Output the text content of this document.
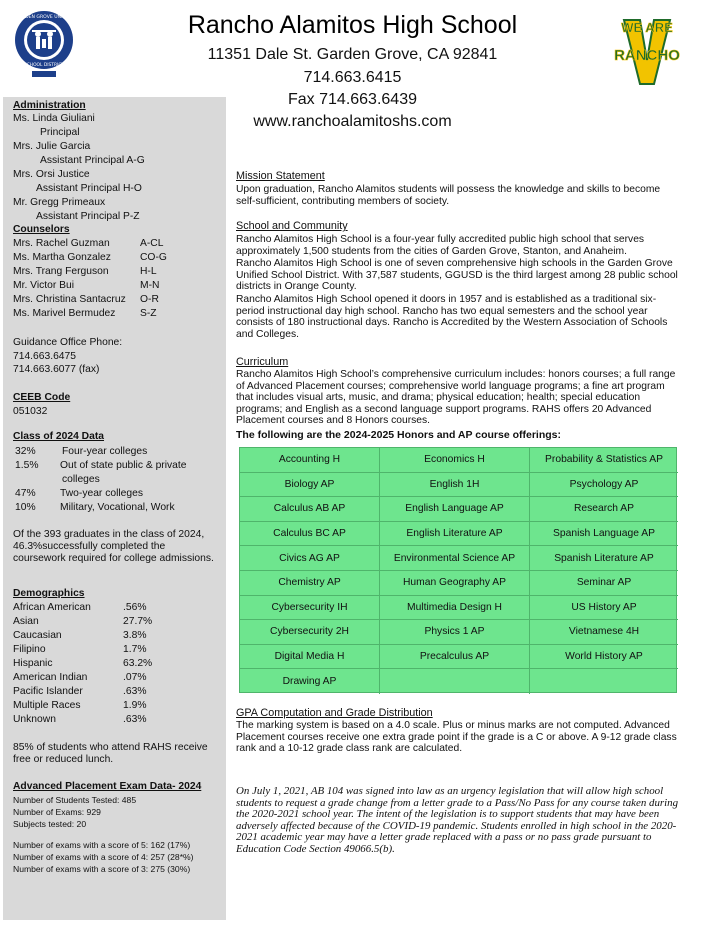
GARDEN GROVE UNIFIED
SCHOOL DISTRICT
Rancho Alamitos High School
11351 Dale St. Garden Grove, CA 92841
714.663.6415
Fax 714.663.6439
www.ranchoalamitoshs.com
WE ARE
RANCHO
Administration
Ms. Linda Giuliani
Principal
Mrs. Julie Garcia
Assistant Principal A-G
Mrs. Orsi Justice
Assistant Principal H-O
Mr. Gregg Primeaux
Assistant Principal P-Z
Counselors
Mrs. Rachel Guzman	A-CL
Ms. Martha Gonzalez	CO-G
Mrs. Trang Ferguson	H-L
Mr. Victor Bui	M-N
Mrs. Christina Santacruz O-R
Ms. Marivel Bermudez S-Z
Guidance Office Phone:
714.663.6475
714.663.6077 (fax)
CEEB Code
051032
Class of 2024 Data
32%	Four-year colleges
1.5% Out of state public & private
colleges
47% Two-year colleges
10% Military, Vocational, Work
Of the 393 graduates in the class of 2024, 46.3%successfully completed the coursework required for college admissions.
Demographics
African American	.56%
Asian	27.7%
Caucasian	3.8%
Filipino	1.7%
Hispanic	63.2%
American Indian	.07%
Pacific Islander	.63%
Multiple Races	1.9%
Unknown	.63%
85% of students who attend RAHS receive free or reduced lunch.
Advanced Placement Exam Data- 2024
Number of Students Tested: 485
Number of Exams: 929
Subjects tested: 20
Number of exams with a score of 5: 162 (17%)
Number of exams with a score of 4: 257 (28*%)
Number of exams with a score of 3: 275 (30%)
Mission Statement
Upon graduation, Rancho Alamitos students will possess the knowledge and skills to become self-sufficient, contributing members of society.
School and Community
Rancho Alamitos High School is a four-year fully accredited public high school that serves approximately 1,500 students from the cities of Garden Grove, Stanton, and Anaheim.
Rancho Alamitos High School is one of seven comprehensive high schools in the Garden Grove Unified School District. With 37,587 students, GGUSD is the third largest among 28 public school districts in Orange County.
Rancho Alamitos High School opened it doors in 1957 and is established as a traditional six-period instructional day high school. Rancho has two equal semesters and the school year consists of 180 instructional days. Rancho is Accredited by the Western Association of Schools and Colleges.
Curriculum
Rancho Alamitos High School’s comprehensive curriculum includes: honors courses; a full range of Advanced Placement courses; comprehensive world language programs; a fine art program that includes visual arts, music, and drama; physical education; health; special education programs; and English as a second language support programs. RAHS offers 20 Advanced Placement courses and 8 Honors courses.
The following are the 2024-2025 Honors and AP course offerings:
Accounting H	Economics H	Probability & Statistics AP
Biology AP	English 1H	Psychology AP
Calculus AB AP	English Language AP	Research AP
Calculus BC AP	English Literature AP	Spanish Language AP
Civics AG AP	Environmental Science AP	Spanish Literature AP
Chemistry AP	Human Geography AP	Seminar AP
Cybersecurity IH	Multimedia Design H	US History AP
Cybersecurity 2H	Physics 1 AP	Vietnamese 4H
Digital Media H	Precalculus AP	World History AP
Drawing AP
GPA Computation and Grade Distribution
The marking system is based on a 4.0 scale. Plus or minus marks are not computed. Advanced Placement courses receive one extra grade point if the grade is a C or above. A 9-12 grade class rank and a 10-12 grade class rank are calculated.
On July 1, 2021, AB 104 was signed into law as an urgency legislation that will allow high school students to request a grade change from a letter grade to a Pass/No Pass for any course taken during the 2020-2021 school year. The intent of the legislation is to support students that may have been adversely affected because of the COVID-19 pandemic. Students enrolled in high school in the 2020-2021 academic year may have a letter grade replaced with a pass or no pass grade pursuant to Education Code Section 49066.5(b).
